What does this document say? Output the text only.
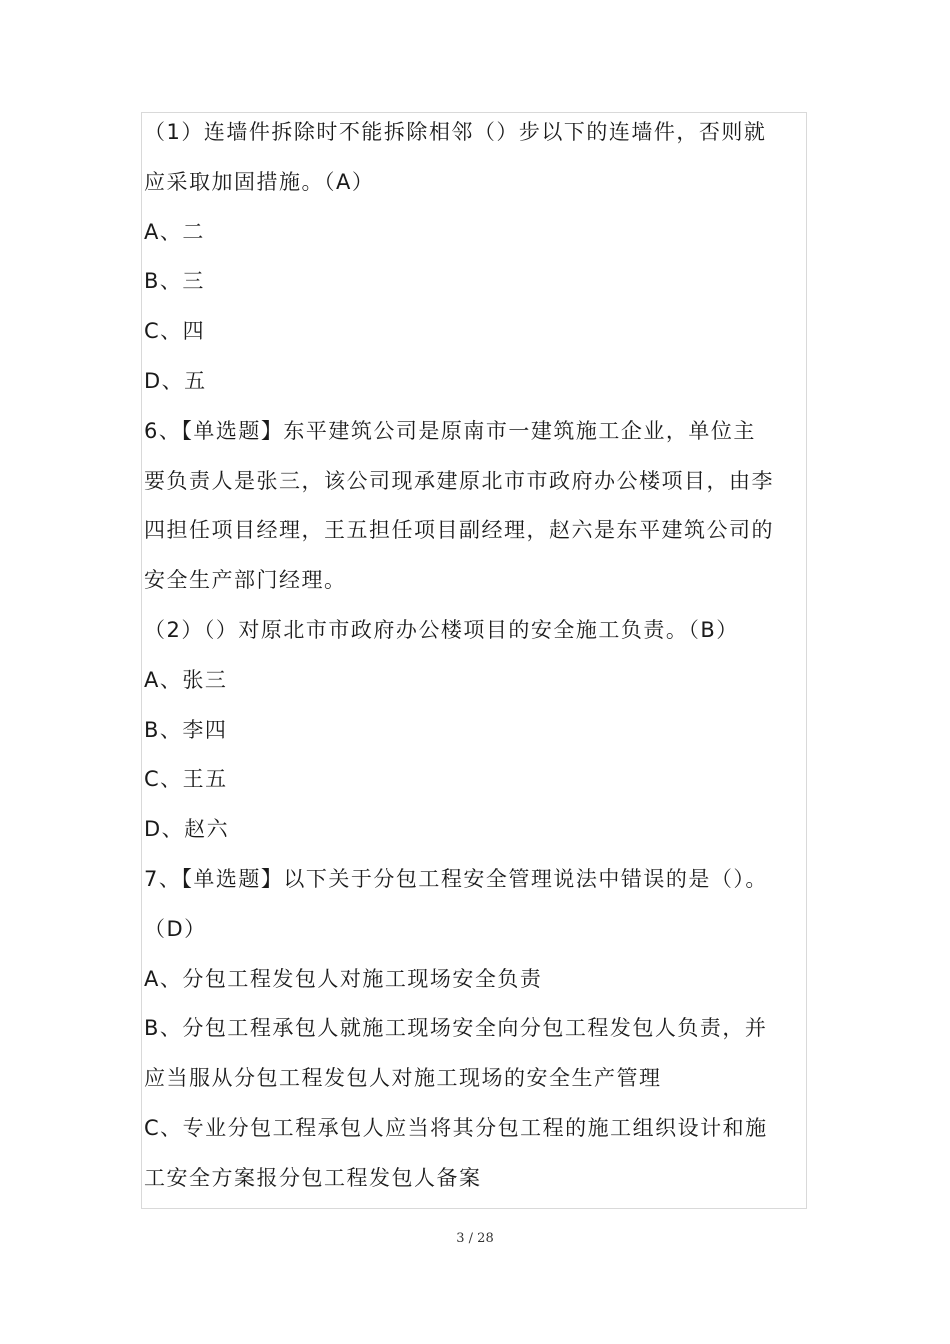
（1）连墙件拆除时不能拆除相邻（）步以下的连墙件，否则就
应采取加固措施。（A）
A、二
B、三
C、四
D、五
6、【单选题】东平建筑公司是原南市一建筑施工企业，单位主
要负责人是张三，该公司现承建原北市市政府办公楼项目，由李
四担任项目经理，王五担任项目副经理，赵六是东平建筑公司的
安全生产部门经理。
（2）（）对原北市市政府办公楼项目的安全施工负责。（B）
A、张三
B、李四
C、王五
D、赵六
7、【单选题】以下关于分包工程安全管理说法中错误的是（）。
（D）
A、分包工程发包人对施工现场安全负责
B、分包工程承包人就施工现场安全向分包工程发包人负责，并
应当服从分包工程发包人对施工现场的安全生产管理
C、专业分包工程承包人应当将其分包工程的施工组织设计和施
工安全方案报分包工程发包人备案
3 / 28
